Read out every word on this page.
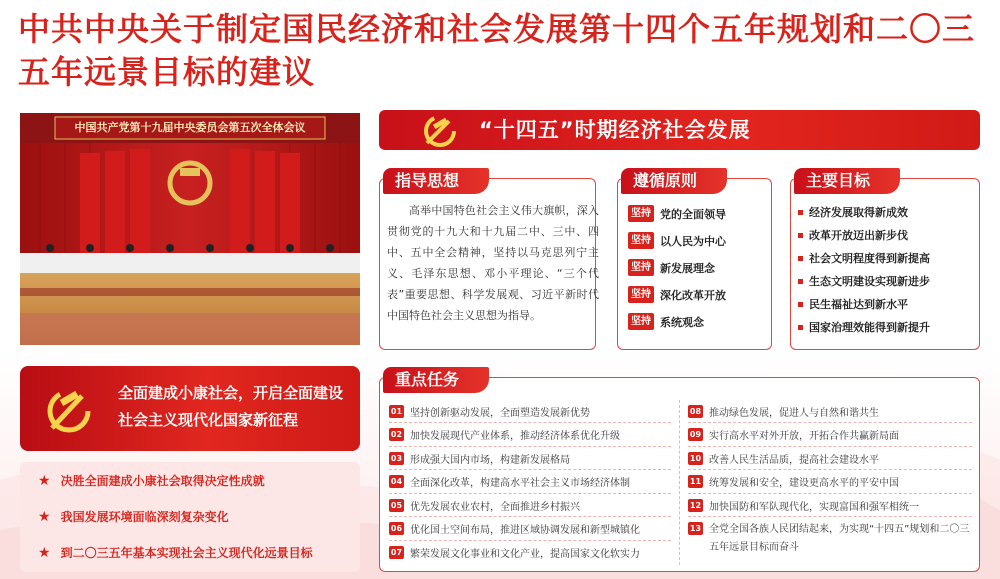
中共中央关于制定国民经济和社会发展第十四个五年规划和二〇三五年远景目标的建议
中国共产党第十九届中央委员会第五次全体会议	“十四五”时期经济社会发展
指导思想
高举中国特色社会主义伟大旗帜，深入贯彻党的十九大和十九届二中、三中、四中、五中全会精神，坚持以马克思列宁主义、毛泽东思想、邓小平理论、“三个代表”重要思想、科学发展观、习近平新时代中国特色社会主义思想为指导。
遵循原则
坚持 党的全面领导
坚持 以人民为中心
坚持 新发展理念
坚持 深化改革开放
坚持 系统观念
主要目标
经济发展取得新成效
改革开放迈出新步伐
社会文明程度得到新提高
生态文明建设实现新进步
民生福祉达到新水平
国家治理效能得到新提升
全面建成小康社会，开启全面建设社会主义现代化国家新征程
★ 决胜全面建成小康社会取得决定性成就
★ 我国发展环境面临深刻复杂变化
★ 到二〇三五年基本实现社会主义现代化远景目标
重点任务
01 坚持创新驱动发展，全面塑造发展新优势
02 加快发展现代产业体系，推动经济体系优化升级
03 形成强大国内市场，构建新发展格局
04 全面深化改革，构建高水平社会主义市场经济体制
05 优先发展农业农村，全面推进乡村振兴
06 优化国土空间布局，推进区域协调发展和新型城镇化
07 繁荣发展文化事业和文化产业，提高国家文化软实力
08 推动绿色发展，促进人与自然和谐共生
09 实行高水平对外开放，开拓合作共赢新局面
10 改善人民生活品质，提高社会建设水平
11 统筹发展和安全，建设更高水平的平安中国
12 加快国防和军队现代化，实现富国和强军相统一
13 全党全国各族人民团结起来，为实现“十四五”规划和二〇三五年远景目标而奋斗
